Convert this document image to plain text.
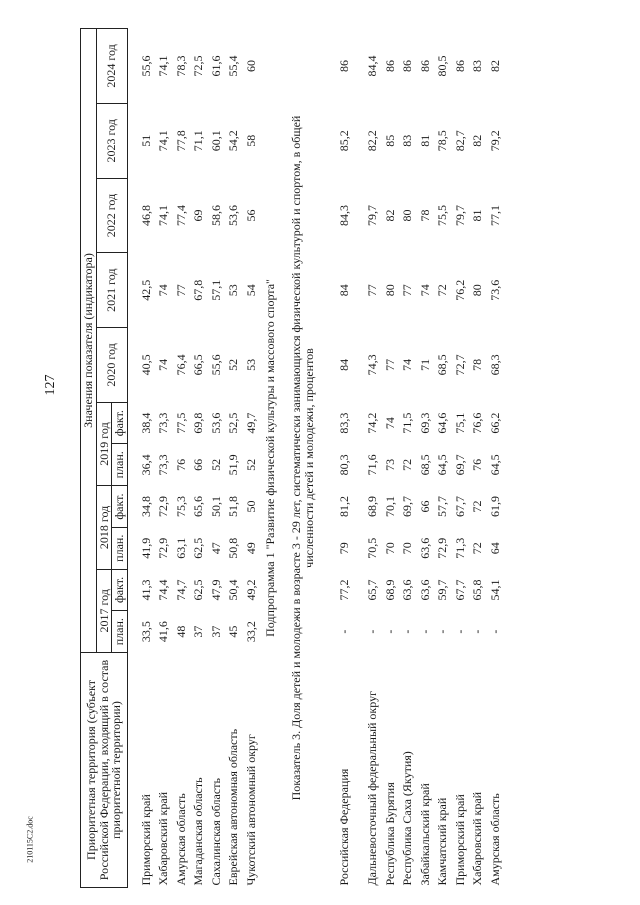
127
210115C2.doc	Приоритетная территория (субъект Российской Федерации, входящий в состав приоритетной территории)	Значения показателя (индикатора)										
	2017 год		2018 год		2019 год		2020 год	2021 год	2022 год	2023 год	2024 год
	план.	факт.	план.	факт.	план.	факт.					
Приморский край	33,5	41,3	41,9	34,8	36,4	38,4	40,5	42,5	46,8	51	55,6
Хабаровский край	41,6	74,4	72,9	72,9	73,3	73,3	74	74	74,1	74,1	74,1
Амурская область	48	74,7	63,1	75,3	76	77,5	76,4	77	77,4	77,8	78,3
Магаданская область	37	62,5	62,5	65,6	66	69,8	66,5	67,8	69	71,1	72,5
Сахалинская область	37	47,9	47	50,1	52	53,6	55,6	57,1	58,6	60,1	61,6
Еврейская автономная область	45	50,4	50,8	51,8	51,9	52,5	52	53	53,6	54,2	55,4
Чукотский автономный округ	33,2	49,2	49	50	52	49,7	53	54	56	58	60
Подпрограмма 1 "Развитие физической культуры и массового спорта"											
Показатель 3. Доля детей и молодежи в возрасте 3 - 29 лет, систематически занимающихся физической культурой и спортом, в общей численности детей и молодежи, процентов											

Российская Федерация	-	77,2	79	81,2	80,3	83,3	84	84	84,3	85,2	86
Дальневосточный федеральный округ	-	65,7	70,5	68,9	71,6	74,2	74,3	77	79,7	82,2	84,4
Республика Бурятия	-	68,9	70	70,1	73	74	77	80	82	85	86
Республика Саха (Якутия)	-	63,6	70	69,7	72	71,5	74	77	80	83	86
Забайкальский край	-	63,6	63,6	66	68,5	69,3	71	74	78	81	86
Камчатский край	-	59,7	72,9	57,7	64,5	64,6	68,5	72	75,5	78,5	80,5
Приморский край	-	67,7	71,3	67,7	69,7	75,1	72,7	76,2	79,7	82,7	86
Хабаровский край	-	65,8	72	72	76	76,6	78	80	81	82	83
Амурская область	-	54,1	64	61,9	64,5	66,2	68,3	73,6	77,1	79,2	82
